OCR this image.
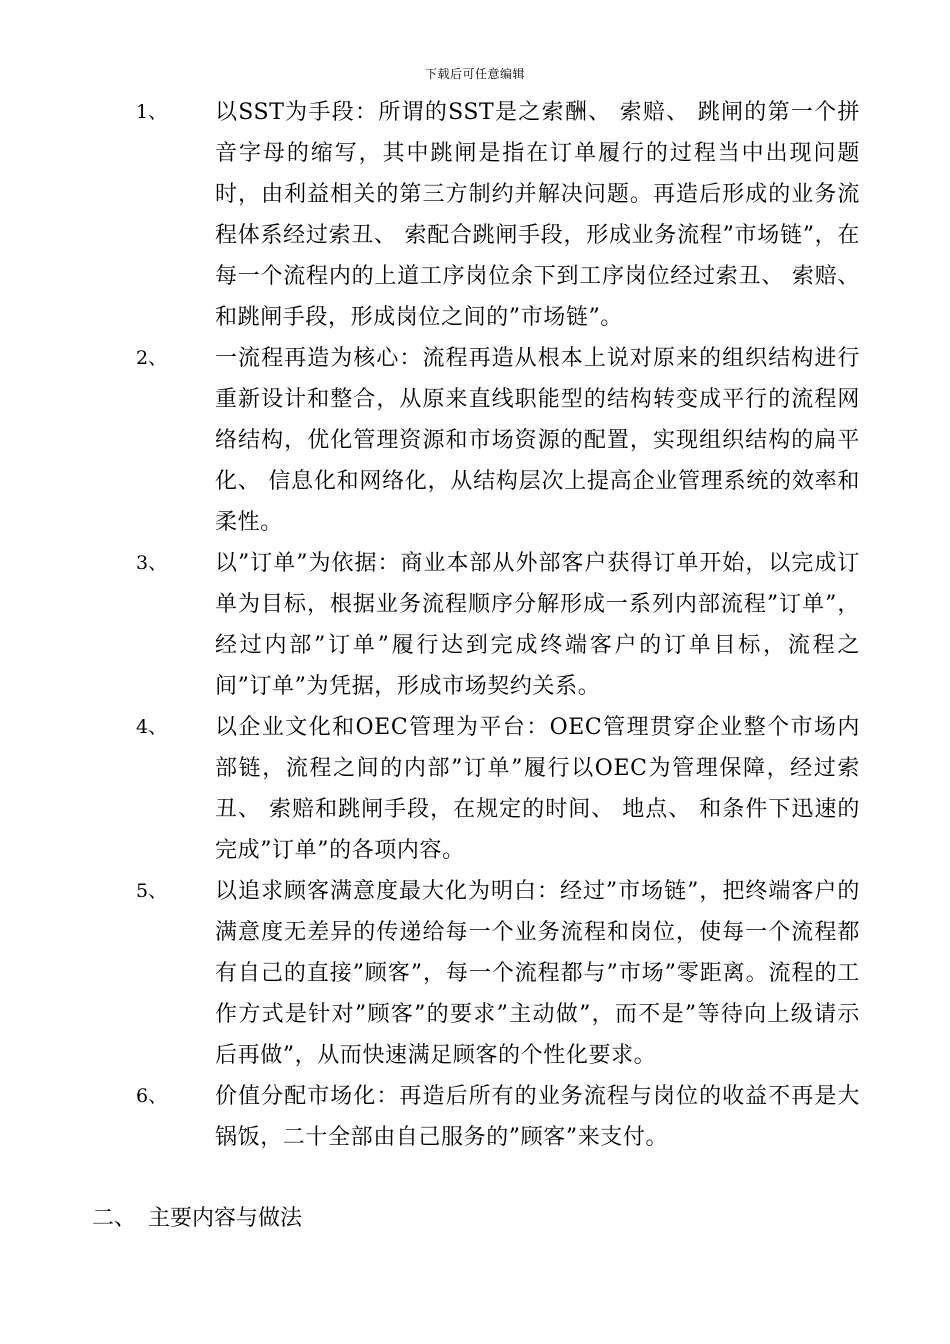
下载后可任意编辑
1、 以SST为手段：所谓的SST是之索酬、 索赔、 跳闸的第一个拼音字母的缩写，其中跳闸是指在订单履行的过程当中出现问题时，由利益相关的第三方制约并解决问题。再造后形成的业务流程体系经过索丑、 索配合跳闸手段，形成业务流程”市场链”，在每一个流程内的上道工序岗位余下到工序岗位经过索丑、 索赔、 和跳闸手段，形成岗位之间的”市场链”。
2、 一流程再造为核心：流程再造从根本上说对原来的组织结构进行重新设计和整合，从原来直线职能型的结构转变成平行的流程网络结构，优化管理资源和市场资源的配置，实现组织结构的扁平化、 信息化和网络化，从结构层次上提高企业管理系统的效率和柔性。
3、 以”订单”为依据：商业本部从外部客户获得订单开始，以完成订单为目标，根据业务流程顺序分解形成一系列内部流程”订单”，经过内部”订单”履行达到完成终端客户的订单目标，流程之间”订单”为凭据，形成市场契约关系。
4、 以企业文化和OEC管理为平台：OEC管理贯穿企业整个市场内部链，流程之间的内部”订单”履行以OEC为管理保障，经过索丑、 索赔和跳闸手段，在规定的时间、 地点、 和条件下迅速的完成”订单”的各项内容。
5、 以追求顾客满意度最大化为明白：经过”市场链”，把终端客户的满意度无差异的传递给每一个业务流程和岗位，使每一个流程都有自己的直接”顾客”，每一个流程都与”市场”零距离。流程的工作方式是针对”顾客”的要求”主动做”，而不是”等待向上级请示后再做”，从而快速满足顾客的个性化要求。
6、 价值分配市场化：再造后所有的业务流程与岗位的收益不再是大锅饭，二十全部由自己服务的”顾客”来支付。
二、 主要内容与做法
